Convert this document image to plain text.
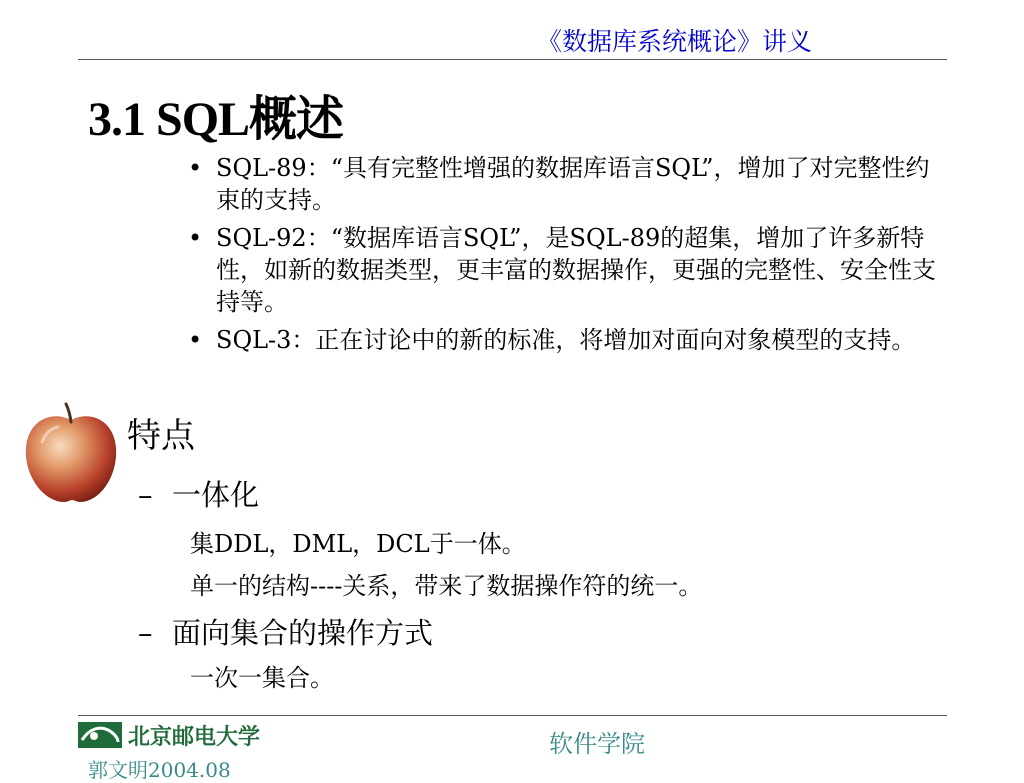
《数据库系统概论》讲义
3.1 SQL概述
• SQL-89：“具有完整性增强的数据库语言SQL”，增加了对完整性约束的支持。
• SQL-92：“数据库语言SQL”，是SQL-89的超集，增加了许多新特性，如新的数据类型，更丰富的数据操作，更强的完整性、安全性支持等。
• SQL-3：正在讨论中的新的标准，将增加对面向对象模型的支持。
特点
– 一体化
集DDL，DML，DCL于一体。
单一的结构----关系，带来了数据操作符的统一。
– 面向集合的操作方式
一次一集合。
北京邮电大学	软件学院
郭文明2004.08
